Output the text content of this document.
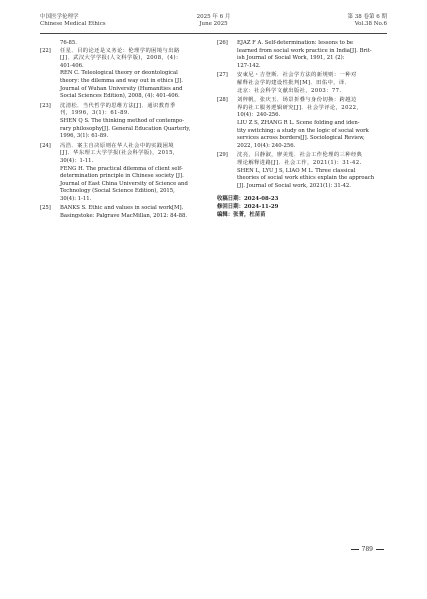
中国医学伦理学
Chinese Medical Ethics
2025 年 6 月
June 2025
第 38 卷第 6 期
Vol.38 No.6
76-85.
[22] 任星．目的论还是义务论：伦理学的困境与出路
[J]．武汉大学学报(人文科学版)，2008，(4)：
401-406.
REN C. Teleological theory or deontological
theory: the dilemma and way out in ethics [J].
Journal of Wuhan University (Humanities and
Social Sciences Edition), 2008, (4): 401-406.
[23] 沈清松．当代哲学的思维方法[J]．通识教育季
刊，1996，3(1)：61-89.
SHEN Q S. The thinking method of contempo-
rary philosophy[J]. General Education Quarterly,
1996, 3(1): 61-89.
[24] 冯浩．案主自决原则在华人社会中的实践困境
[J]．华东理工大学学报(社会科学版)，2015，
30(4)：1-11.
FENG H. The practical dilemma of client self-
determination principle in Chinese society [J].
Journal of East China University of Science and
Technology (Social Science Edition), 2015,
30(4): 1-11.
[25] BANKS S. Ethic and values in social work[M].
Basingstoke: Palgrave MacMillan, 2012: 84-88.
[26] EJAZ F A. Self-determination: lessons to be
learned from social work practice in India[J]. Brit-
ish Journal of Social Work, 1991, 21 (2):
127-142.
[27] 安東尼・吉登斯．社会学方法的新规则：一种对
解释社会学的建设性批判[M]．田佑中，译．
北京：社会科学文献出版社，2003：77.
[28] 刘梓帆，张庆玉．场景折叠与身份切换：跨越边
界的社工服务逻辑研究[J]．社会学评论，2022，
10(4)：240-256.
LIU Z S, ZHANG R L. Scene folding and iden-
tity switching: a study on the logic of social work
services across borders[J]. Sociological Review,
2022, 10(4): 240-256.
[29] 沈亮，吕静淑，廖美莲．社会工作伦理的三种经典
理论解释进路[J]．社会工作，2021(1)：31-42.
SHEN L, LYU J S, LIAO M L. Three classical
theories of social work ethics explain the approach
[J]. Journal of Social work, 2021(1): 31-42.
收稿日期：2024-08-23
修回日期：2024-11-29
编辑：张菁，杜苗苗
789
